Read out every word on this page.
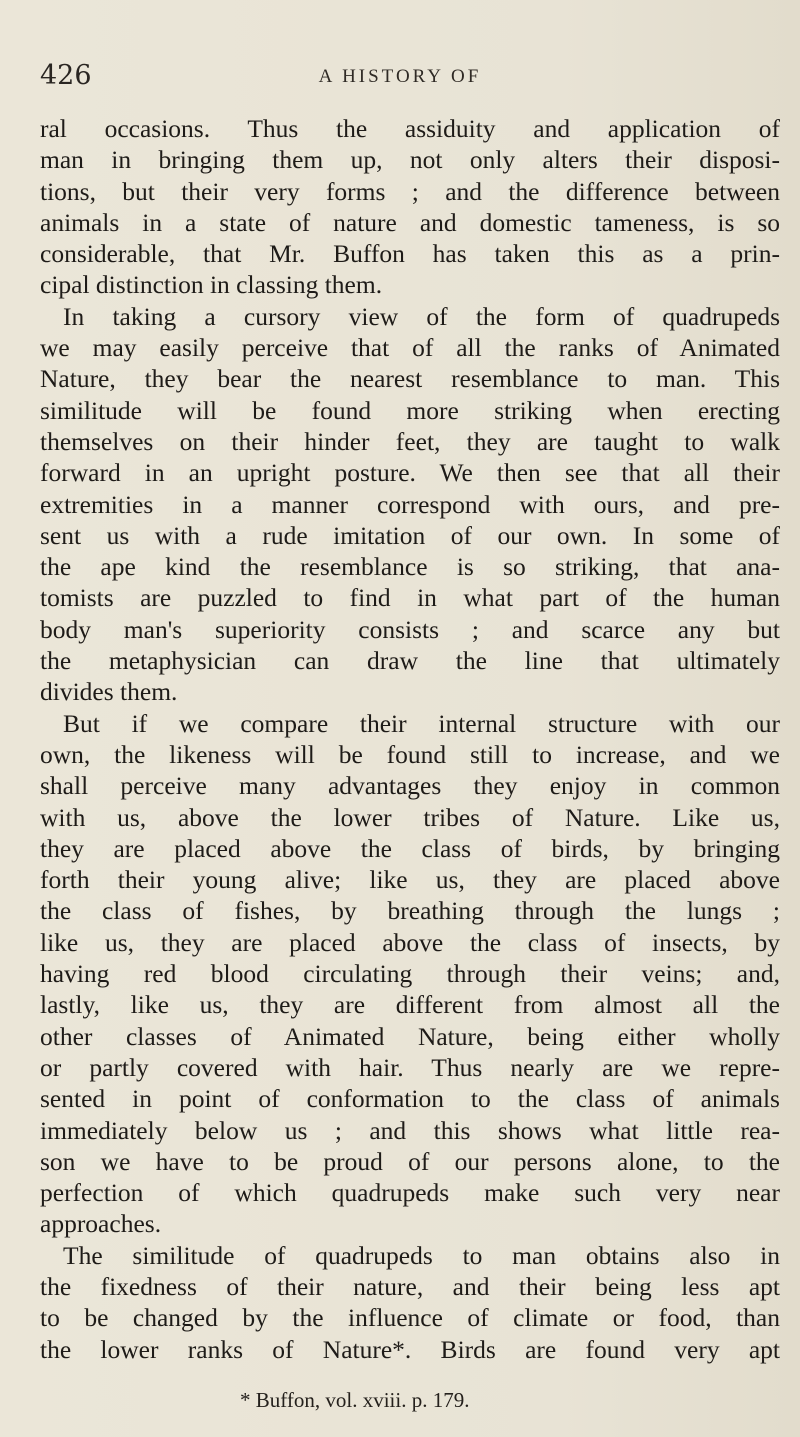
426	A HISTORY OF
ral occasions. Thus the assiduity and application of
man in bringing them up, not only alters their disposi-
tions, but their very forms ; and the difference between
animals in a state of nature and domestic tameness, is so
considerable, that Mr. Buffon has taken this as a prin-
cipal distinction in classing them.
In taking a cursory view of the form of quadrupeds
we may easily perceive that of all the ranks of Animated
Nature, they bear the nearest resemblance to man. This
similitude will be found more striking when erecting
themselves on their hinder feet, they are taught to walk
forward in an upright posture. We then see that all their
extremities in a manner correspond with ours, and pre-
sent us with a rude imitation of our own. In some of
the ape kind the resemblance is so striking, that ana-
tomists are puzzled to find in what part of the human
body man's superiority consists ; and scarce any but
the metaphysician can draw the line that ultimately
divides them.
But if we compare their internal structure with our
own, the likeness will be found still to increase, and we
shall perceive many advantages they enjoy in common
with us, above the lower tribes of Nature. Like us,
they are placed above the class of birds, by bringing
forth their young alive; like us, they are placed above
the class of fishes, by breathing through the lungs ;
like us, they are placed above the class of insects, by
having red blood circulating through their veins; and,
lastly, like us, they are different from almost all the
other classes of Animated Nature, being either wholly
or partly covered with hair. Thus nearly are we repre-
sented in point of conformation to the class of animals
immediately below us ; and this shows what little rea-
son we have to be proud of our persons alone, to the
perfection of which quadrupeds make such very near
approaches.
The similitude of quadrupeds to man obtains also in
the fixedness of their nature, and their being less apt
to be changed by the influence of climate or food, than
the lower ranks of Nature*. Birds are found very apt
* Buffon, vol. xviii. p. 179.
